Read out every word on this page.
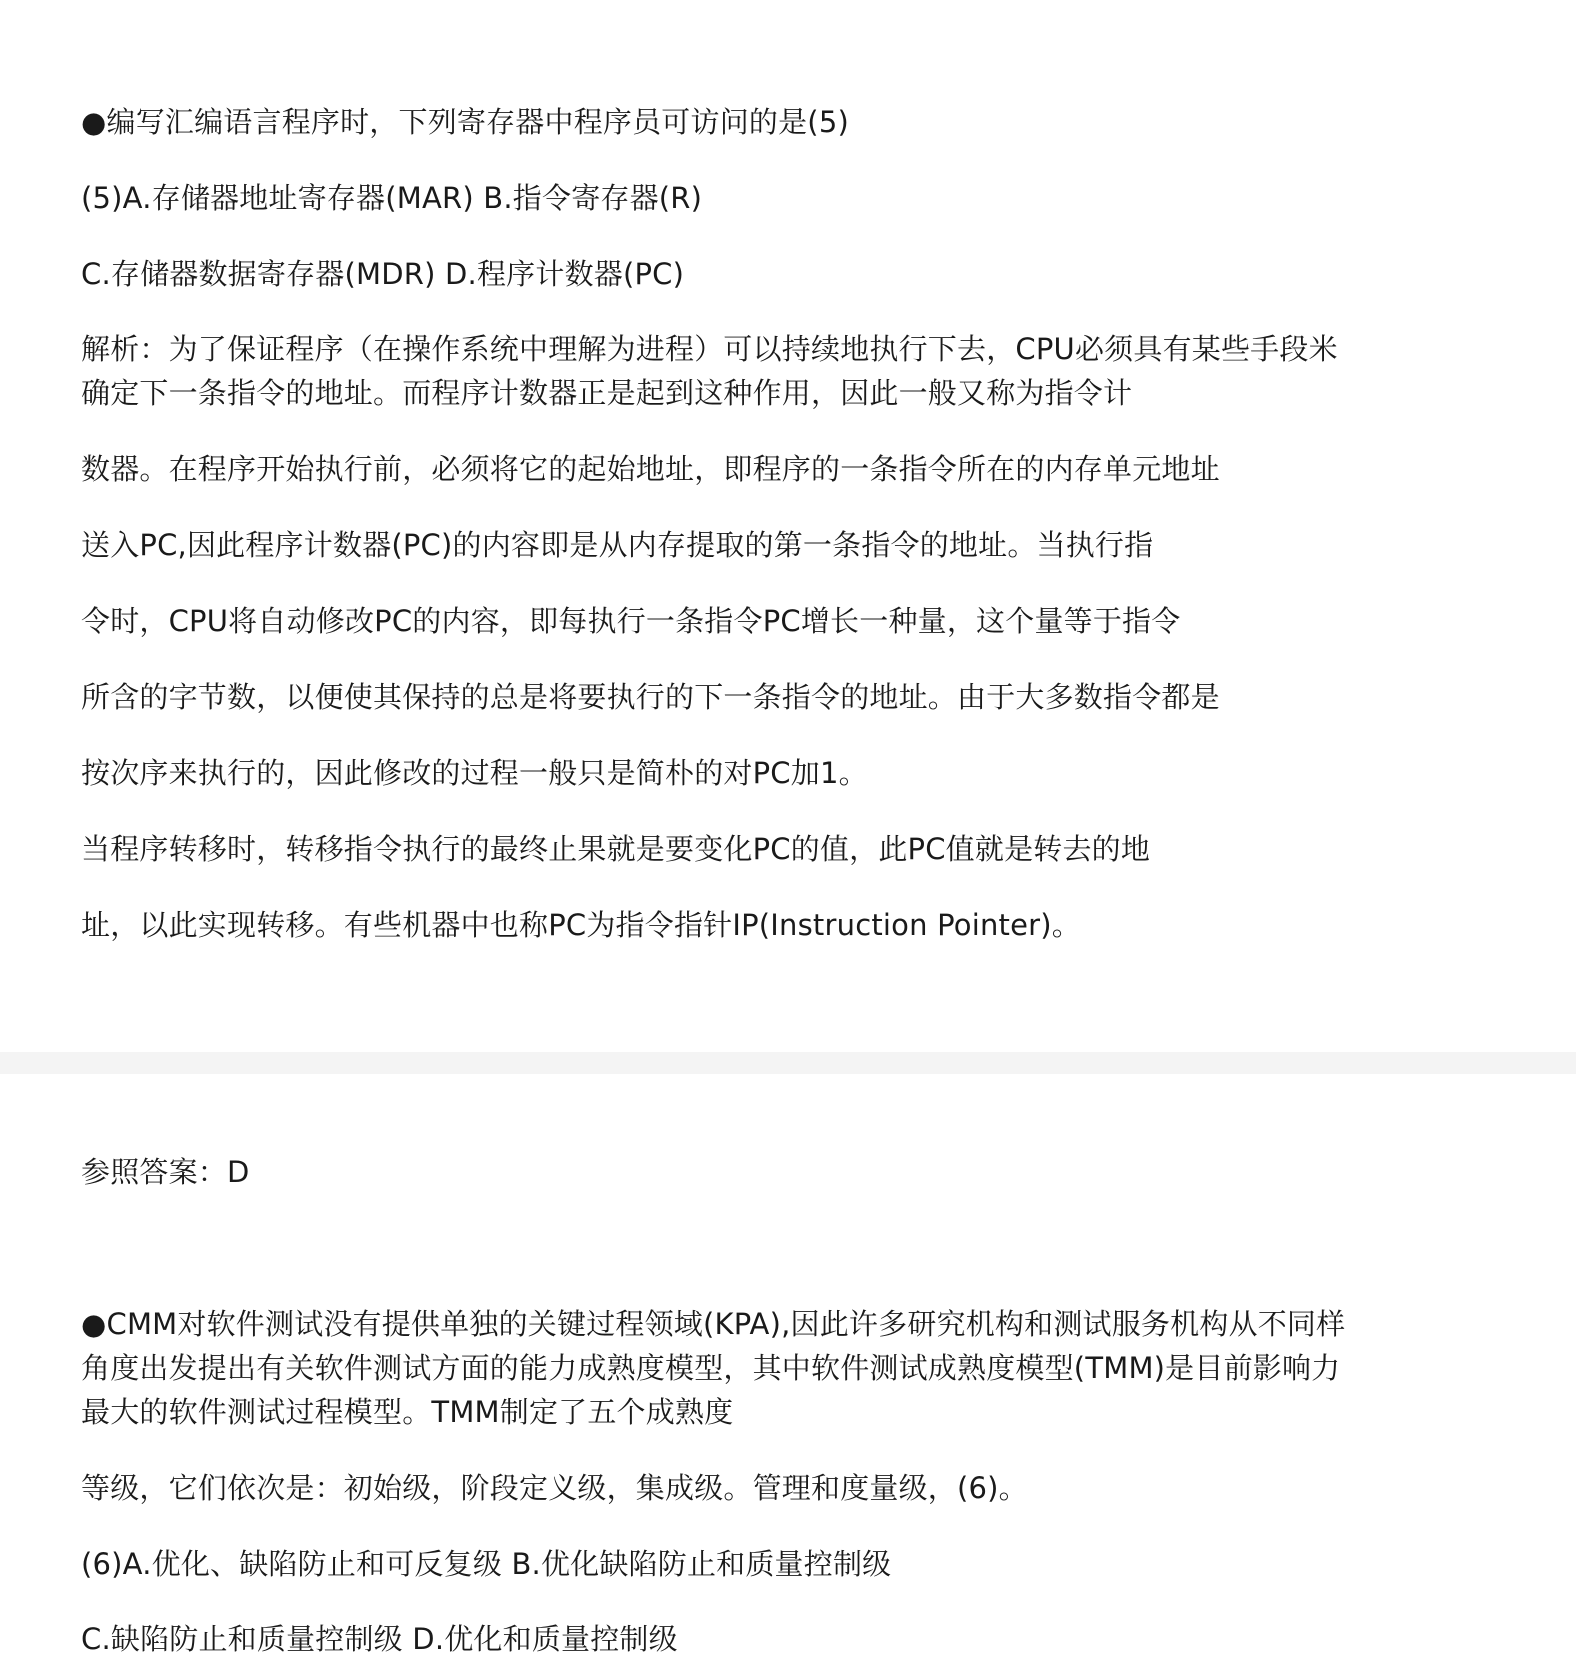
●编写汇编语言程序时，下列寄存器中程序员可访问的是(5)
(5)A.存储器地址寄存器(MAR) B.指令寄存器(R)
C.存储器数据寄存器(MDR) D.程序计数器(PC)
解析：为了保证程序（在操作系统中理解为进程）可以持续地执行下去，CPU必须具有某些手段米
确定下一条指令的地址。而程序计数器正是起到这种作用，因此一般又称为指令计
数器。在程序开始执行前，必须将它的起始地址，即程序的一条指令所在的内存单元地址
送入PC,因此程序计数器(PC)的内容即是从内存提取的第一条指令的地址。当执行指
令时，CPU将自动修改PC的内容，即每执行一条指令PC增长一种量，这个量等于指令
所含的字节数，以便使其保持的总是将要执行的下一条指令的地址。由于大多数指令都是
按次序来执行的，因此修改的过程一般只是简朴的对PC加1。
当程序转移时，转移指令执行的最终止果就是要变化PC的值，此PC值就是转去的地
址，以此实现转移。有些机器中也称PC为指令指针IP(Instruction Pointer)。
参照答案：D
●CMM对软件测试没有提供单独的关键过程领域(KPA),因此许多研究机构和测试服务机构从不同样
角度出发提出有关软件测试方面的能力成熟度模型，其中软件测试成熟度模型(TMM)是目前影响力
最大的软件测试过程模型。TMM制定了五个成熟度
等级，它们依次是：初始级，阶段定义级，集成级。管理和度量级，(6)。
(6)A.优化、缺陷防止和可反复级 B.优化缺陷防止和质量控制级
C.缺陷防止和质量控制级 D.优化和质量控制级
